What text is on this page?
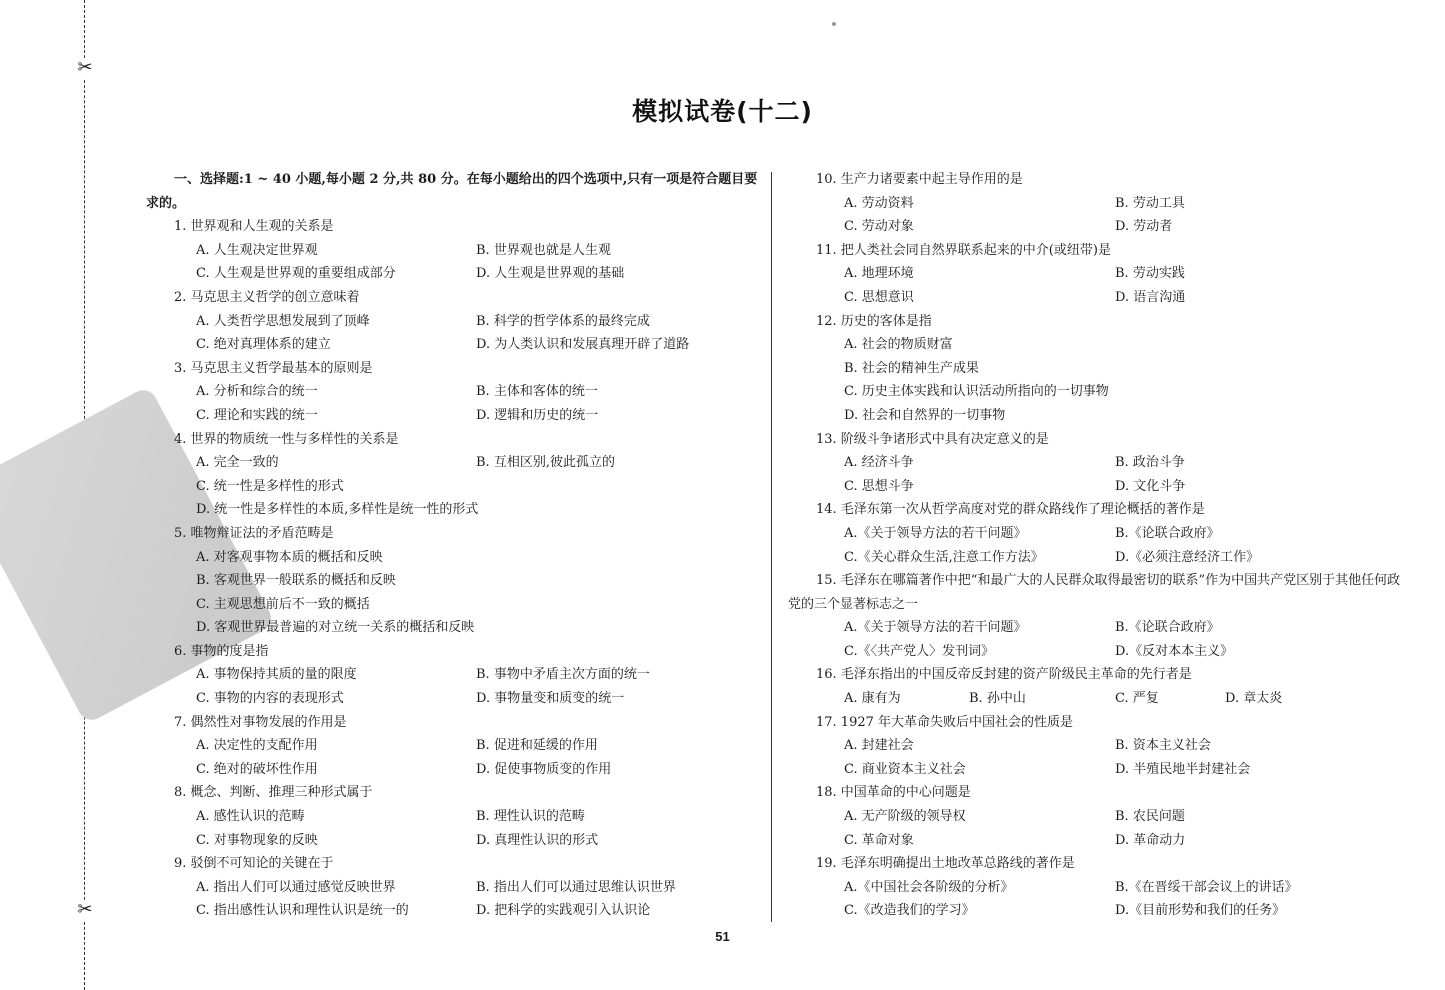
✂
✂
模拟试卷(十二)
一、选择题:1 ~ 40 小题,每小题 2 分,共 80 分。在每小题给出的四个选项中,只有一项是符合题目要求的。
1. 世界观和人生观的关系是
A. 人生观决定世界观	B. 世界观也就是人生观
C. 人生观是世界观的重要组成部分	D. 人生观是世界观的基础
2. 马克思主义哲学的创立意味着
A. 人类哲学思想发展到了顶峰	B. 科学的哲学体系的最终完成
C. 绝对真理体系的建立	D. 为人类认识和发展真理开辟了道路
3. 马克思主义哲学最基本的原则是
A. 分析和综合的统一	B. 主体和客体的统一
C. 理论和实践的统一	D. 逻辑和历史的统一
4. 世界的物质统一性与多样性的关系是
A. 完全一致的	B. 互相区别,彼此孤立的
C. 统一性是多样性的形式
D. 统一性是多样性的本质,多样性是统一性的形式
5. 唯物辩证法的矛盾范畴是
A. 对客观事物本质的概括和反映
B. 客观世界一般联系的概括和反映
C. 主观思想前后不一致的概括
D. 客观世界最普遍的对立统一关系的概括和反映
6. 事物的度是指
A. 事物保持其质的量的限度	B. 事物中矛盾主次方面的统一
C. 事物的内容的表现形式	D. 事物量变和质变的统一
7. 偶然性对事物发展的作用是
A. 决定性的支配作用	B. 促进和延缓的作用
C. 绝对的破坏性作用	D. 促使事物质变的作用
8. 概念、判断、推理三种形式属于
A. 感性认识的范畴	B. 理性认识的范畴
C. 对事物现象的反映	D. 真理性认识的形式
9. 驳倒不可知论的关键在于
A. 指出人们可以通过感觉反映世界	B. 指出人们可以通过思维认识世界
C. 指出感性认识和理性认识是统一的	D. 把科学的实践观引入认识论
10. 生产力诸要素中起主导作用的是
A. 劳动资料	B. 劳动工具
C. 劳动对象	D. 劳动者
11. 把人类社会同自然界联系起来的中介(或纽带)是
A. 地理环境	B. 劳动实践
C. 思想意识	D. 语言沟通
12. 历史的客体是指
A. 社会的物质财富
B. 社会的精神生产成果
C. 历史主体实践和认识活动所指向的一切事物
D. 社会和自然界的一切事物
13. 阶级斗争诸形式中具有决定意义的是
A. 经济斗争	B. 政治斗争
C. 思想斗争	D. 文化斗争
14. 毛泽东第一次从哲学高度对党的群众路线作了理论概括的著作是
A.《关于领导方法的若干问题》	B.《论联合政府》
C.《关心群众生活,注意工作方法》	D.《必须注意经济工作》
15. 毛泽东在哪篇著作中把“和最广大的人民群众取得最密切的联系”作为中国共产党区别于其他任何政党的三个显著标志之一
A.《关于领导方法的若干问题》	B.《论联合政府》
C.《〈共产党人〉发刊词》	D.《反对本本主义》
16. 毛泽东指出的中国反帝反封建的资产阶级民主革命的先行者是
A. 康有为	B. 孙中山	C. 严复	D. 章太炎
17. 1927 年大革命失败后中国社会的性质是
A. 封建社会	B. 资本主义社会
C. 商业资本主义社会	D. 半殖民地半封建社会
18. 中国革命的中心问题是
A. 无产阶级的领导权	B. 农民问题
C. 革命对象	D. 革命动力
19. 毛泽东明确提出土地改革总路线的著作是
A.《中国社会各阶级的分析》	B.《在晋绥干部会议上的讲话》
C.《改造我们的学习》	D.《目前形势和我们的任务》
51
